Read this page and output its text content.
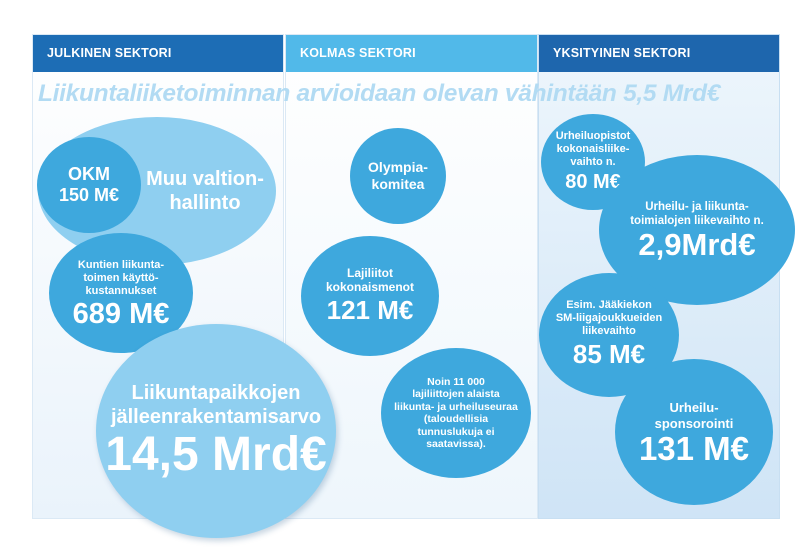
JULKINEN SEKTORI	KOLMAS SEKTORI	YKSITYINEN SEKTORI
Liikuntaliiketoiminnan arvioidaan olevan vähintään 5,5 Mrd€
Muu valtion-
hallinto
OKM
150 M€
Kuntien liikunta-
toimen käyttö-
kustannukset
689 M€
Liikuntapaikkojen
jälleenrakentamisarvo
14,5 Mrd€
Olympia-
komitea
Lajiliitot
kokonaismenot
121 M€
Noin 11 000
lajiliittojen alaista
liikunta- ja urheiluseuraa
(taloudellisia
tunnuslukuja ei
saatavissa).
Urheiluopistot
kokonaisliike-
vaihto n.
80 M€
Urheilu- ja liikunta-
toimialojen liikevaihto n.
2,9Mrd€
Esim. Jääkiekon
SM-liigajoukkueiden
liikevaihto
85 M€
Urheilu-
sponsorointi
131 M€
